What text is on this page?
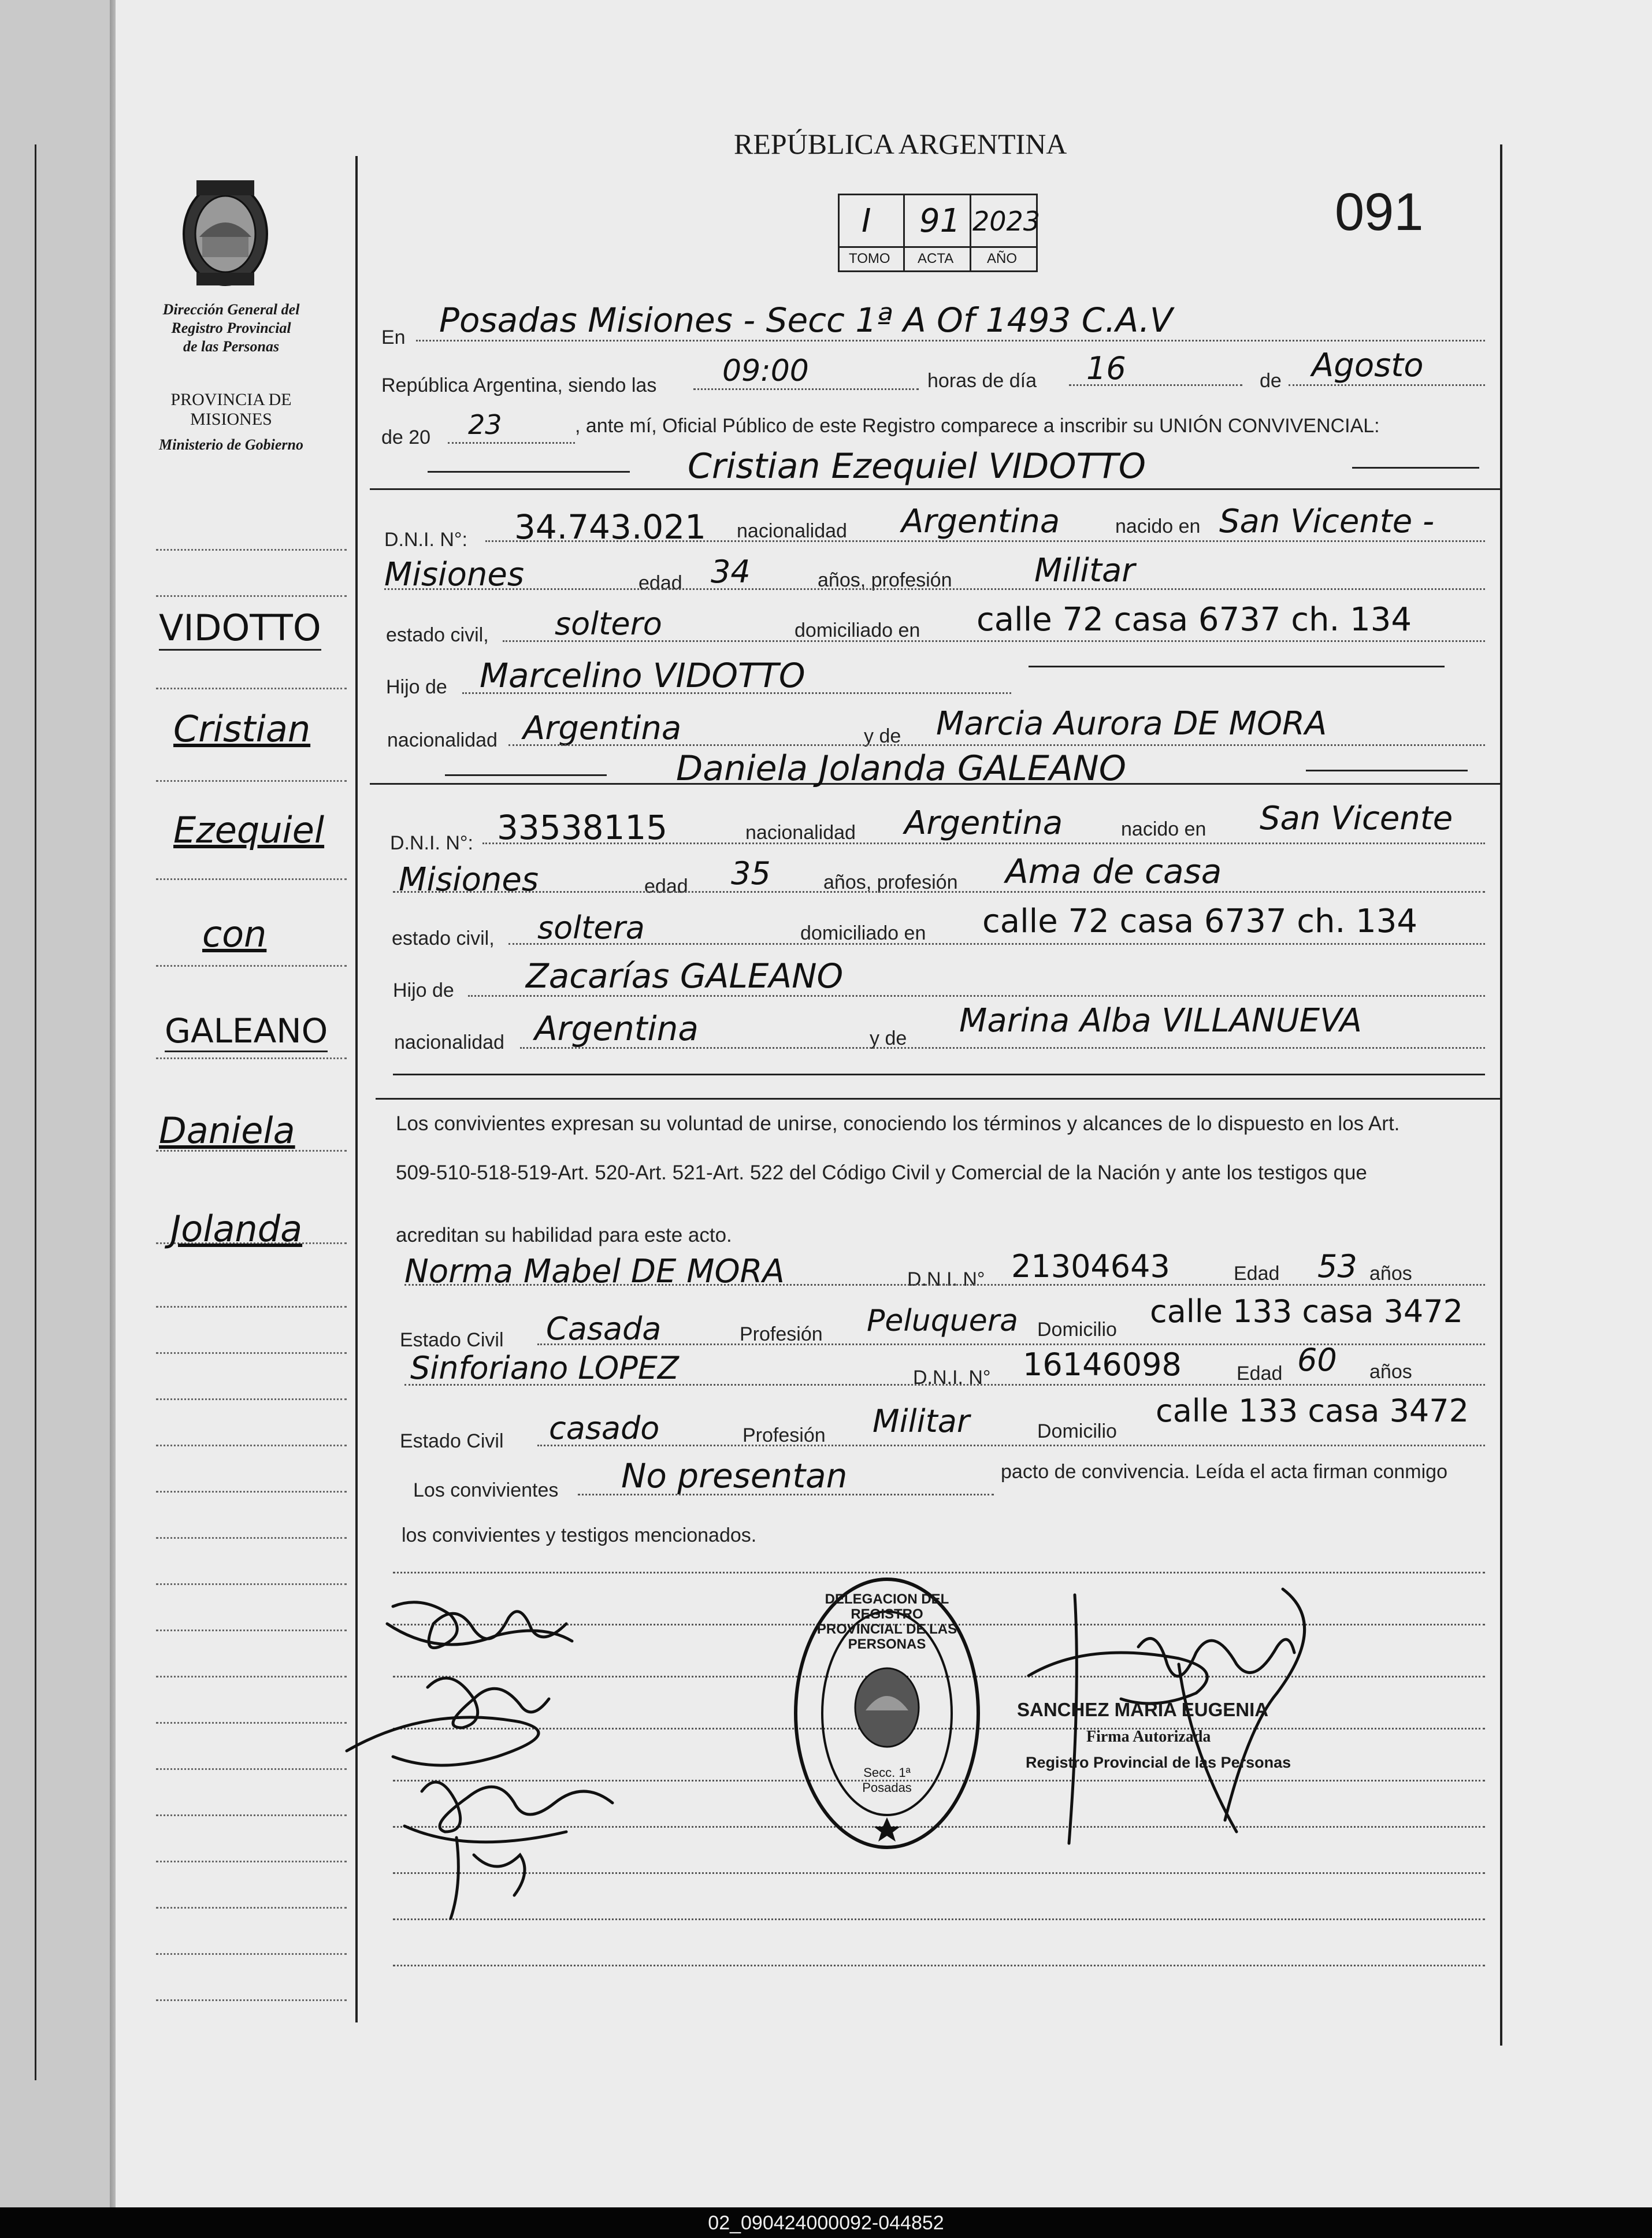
REPÚBLICA ARGENTINA
091
I 91 2023
TOMO ACTA AÑO
Dirección General del
Registro Provincial
de las Personas
PROVINCIA DE
MISIONES
Ministerio de Gobierno
VIDOTTO
Cristian
Ezequiel
con
GALEANO
Daniela
Jolanda
En Posadas Misiones - Secc 1ª A Of 1493 C.A.V
República Argentina, siendo las 09:00	horas de día 16	de Agosto
de 20 23	, ante mí, Oficial Público de este Registro comparece a inscribir su UNIÓN CONVIVENCIAL:
Cristian Ezequiel VIDOTTO
D.N.I. N°: 34.743.021 nacionalidad Argentina	nacido en San Vicente -
Misiones	edad 34	años, profesión	Militar
estado civil, soltero	domiciliado en calle 72 casa 6737 ch. 134
Hijo de Marcelino VIDOTTO
nacionalidad Argentina	y de Marcia Aurora DE MORA
Daniela Jolanda GALEANO
D.N.I. N°: 33538115	nacionalidad Argentina	nacido en San Vicente
Misiones	edad 35	años, profesión Ama de casa
estado civil, soltera	domiciliado en calle 72 casa 6737 ch. 134
Hijo de Zacarías GALEANO
nacionalidad Argentina	y de Marina Alba VILLANUEVA
Los convivientes expresan su voluntad de unirse, conociendo los términos y alcances de lo dispuesto en los Art.
509-510-518-519-Art. 520-Art. 521-Art. 522 del Código Civil y Comercial de la Nación y ante los testigos que
acreditan su habilidad para este acto.
Norma Mabel DE MORA	D.N.I. N° 21304643	Edad 53 años
Estado Civil Casada	Profesión Peluquera Domicilio calle 133 casa 3472
Sinforiano LOPEZ	D.N.I. N° 16146098	Edad 60 años
Estado Civil casado	Profesión Militar	Domicilio
calle 133 casa 3472
Los convivientes No presentan	pacto de convivencia. Leída el acta firman conmigo
los convivientes y testigos mencionados.
DELEGACION DEL REGISTRO PROVINCIAL DE LAS PERSONAS
Secc. 1ª Posadas
SANCHEZ MARIA EUGENIA
Firma Autorizada
Registro Provincial de las Personas
02_090424000092-044852
